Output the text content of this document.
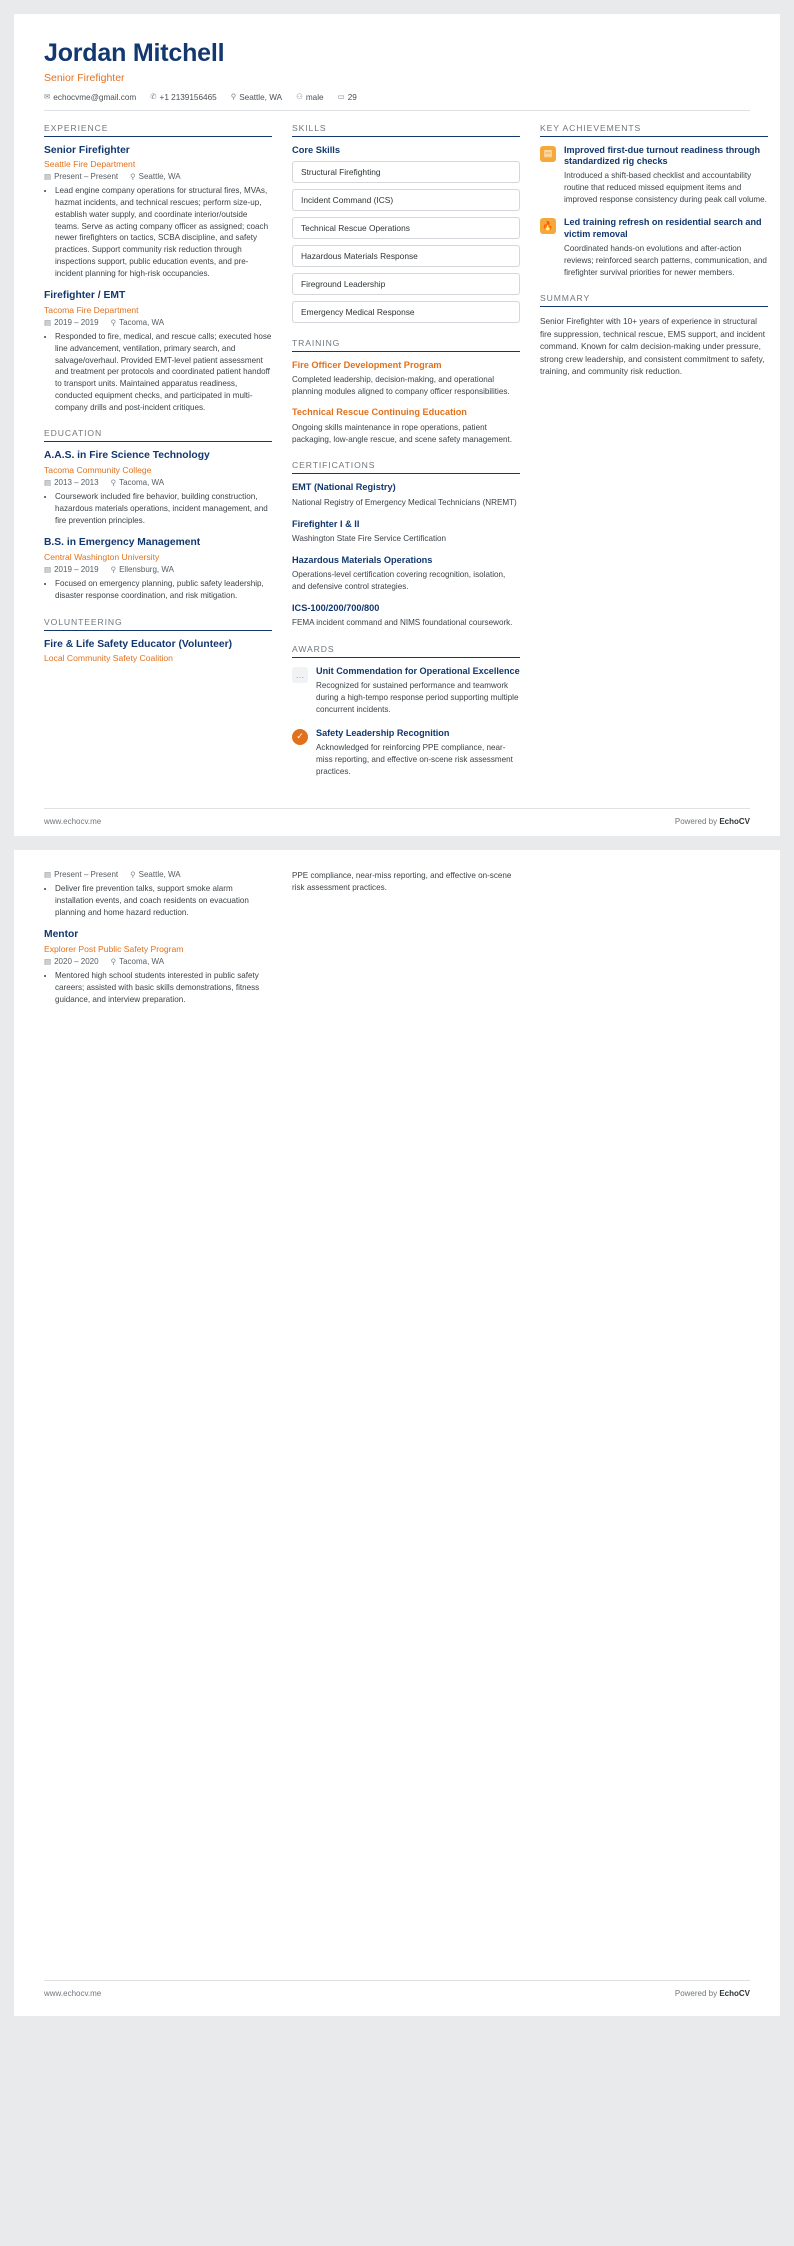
Jordan Mitchell
Senior Firefighter
✉ echocvme@gmail.com ✆ +1 2139156465 ⚲ Seattle, WA ⚇ male ▭ 29
EXPERIENCE
Senior Firefighter
Seattle Fire Department
▤ Present – Present ⚲ Seattle, WA
• Lead engine company operations for structural fires, MVAs, hazmat incidents, and technical rescues; perform size-up, establish water supply, and coordinate interior/outside teams. Serve as acting company officer as assigned; coach newer firefighters on tactics, SCBA discipline, and safety practices. Support community risk reduction through inspections support, public education events, and pre-incident planning for high-risk occupancies.
Firefighter / EMT
Tacoma Fire Department
▤ 2019 – 2019 ⚲ Tacoma, WA
• Responded to fire, medical, and rescue calls; executed hose line advancement, ventilation, primary search, and salvage/overhaul. Provided EMT-level patient assessment and treatment per protocols and coordinated patient handoff to transport units. Maintained apparatus readiness, conducted equipment checks, and participated in multi-company drills and post-incident critiques.
EDUCATION
A.A.S. in Fire Science Technology
Tacoma Community College
▤ 2013 – 2013 ⚲ Tacoma, WA
• Coursework included fire behavior, building construction, hazardous materials operations, incident management, and fire prevention principles.
B.S. in Emergency Management
Central Washington University
▤ 2019 – 2019 ⚲ Ellensburg, WA
• Focused on emergency planning, public safety leadership, disaster response coordination, and risk mitigation.
VOLUNTEERING
Fire & Life Safety Educator (Volunteer)
Local Community Safety Coalition
SKILLS
Core Skills
Structural Firefighting
Incident Command (ICS)
Technical Rescue Operations
Hazardous Materials Response
Fireground Leadership
Emergency Medical Response
TRAINING
Fire Officer Development Program
Completed leadership, decision-making, and operational planning modules aligned to company officer responsibilities.
Technical Rescue Continuing Education
Ongoing skills maintenance in rope operations, patient packaging, low-angle rescue, and scene safety management.
CERTIFICATIONS
EMT (National Registry)
National Registry of Emergency Medical Technicians (NREMT)
Firefighter I & II
Washington State Fire Service Certification
Hazardous Materials Operations
Operations-level certification covering recognition, isolation, and defensive control strategies.
ICS-100/200/700/800
FEMA incident command and NIMS foundational coursework.
AWARDS
…	Unit Commendation for Operational Excellence
Recognized for sustained performance and teamwork during a high-tempo response period supporting multiple concurrent incidents.
✓	Safety Leadership Recognition
Acknowledged for reinforcing PPE compliance, near-miss reporting, and effective on-scene risk assessment practices.
KEY ACHIEVEMENTS
▤	Improved first-due turnout readiness through standardized rig checks
Introduced a shift-based checklist and accountability routine that reduced missed equipment items and improved response consistency during peak call volume.
🔥 Led training refresh on residential search and victim removal
Coordinated hands-on evolutions and after-action reviews; reinforced search patterns, communication, and firefighter survival priorities for newer members.
SUMMARY
Senior Firefighter with 10+ years of experience in structural fire suppression, technical rescue, EMS support, and incident command. Known for calm decision-making under pressure, strong crew leadership, and consistent commitment to safety, training, and community risk reduction.
www.echocv.me	Powered by EchoCV
▤ Present – Present ⚲ Seattle, WA
• Deliver fire prevention talks, support smoke alarm installation events, and coach residents on evacuation planning and home hazard reduction.
Mentor
Explorer Post Public Safety Program
▤ 2020 – 2020 ⚲ Tacoma, WA
• Mentored high school students interested in public safety careers; assisted with basic skills demonstrations, fitness guidance, and interview preparation.
PPE compliance, near-miss reporting, and effective on-scene risk assessment practices.
www.echocv.me	Powered by EchoCV
